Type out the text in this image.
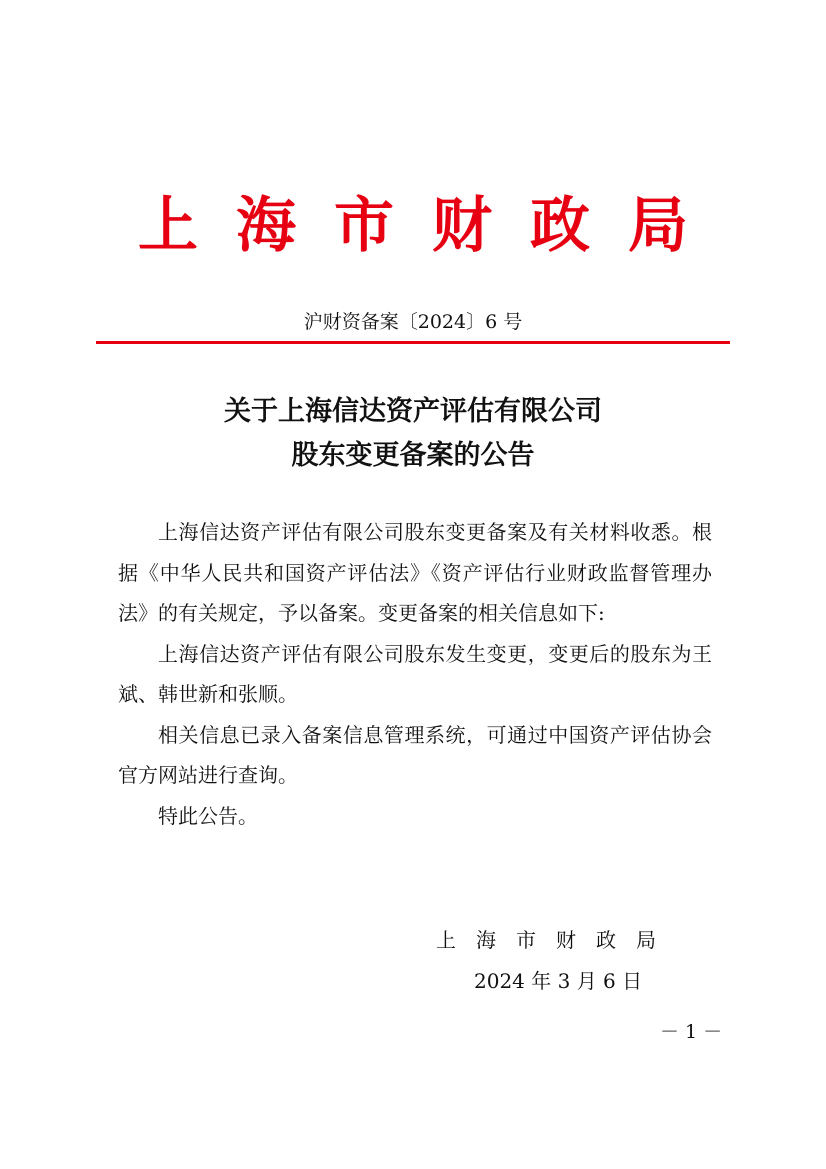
上海市财政局
沪财资备案〔2024〕6 号
关于上海信达资产评估有限公司
股东变更备案的公告

上海信达资产评估有限公司股东变更备案及有关材料收悉。根据《中华人民共和国资产评估法》《资产评估行业财政监督管理办法》的有关规定，予以备案。变更备案的相关信息如下:

上海信达资产评估有限公司股东发生变更，变更后的股东为王斌、韩世新和张顺。

相关信息已录入备案信息管理系统，可通过中国资产评估协会官方网站进行查询。

特此公告。

上海市财政局
2024 年 3 月 6 日
－ 1 －
